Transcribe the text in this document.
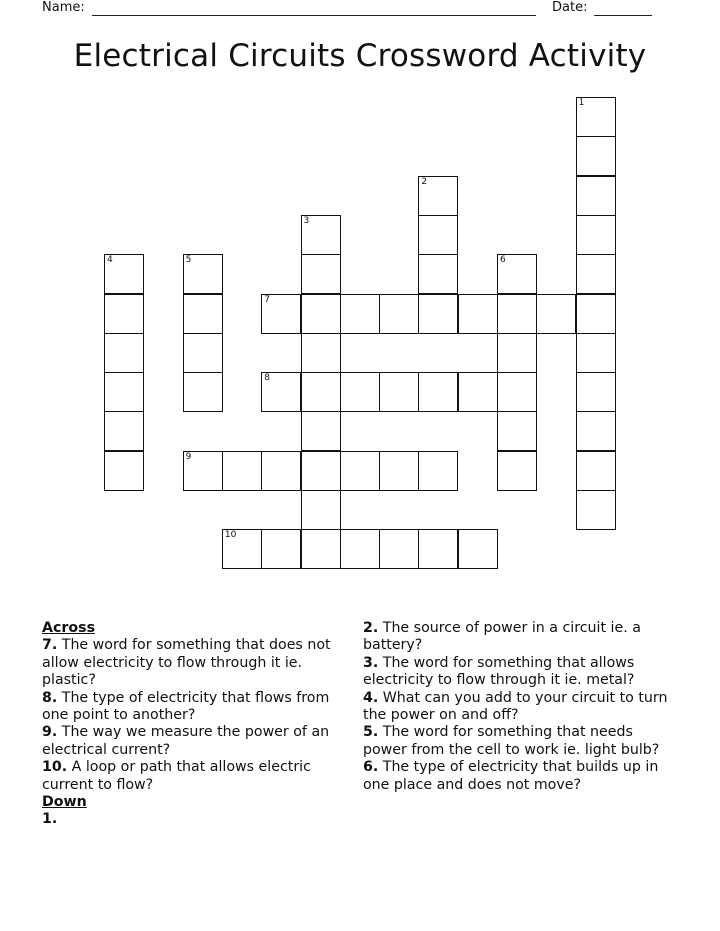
Name:	Date:
Electrical Circuits Crossword Activity
1
2
3
4	5	6
7
8
9
10
Across
7. The word for something that does not allow electricity to flow through it ie. plastic?
8. The type of electricity that flows from one point to another?
9. The way we measure the power of an electrical current?
10. A loop or path that allows electric current to flow?
Down
1.
2. The source of power in a circuit ie. a battery?
3. The word for something that allows electricity to flow through it ie. metal?
4. What can you add to your circuit to turn the power on and off?
5. The word for something that needs power from the cell to work ie. light bulb?
6. The type of electricity that builds up in one place and does not move?
